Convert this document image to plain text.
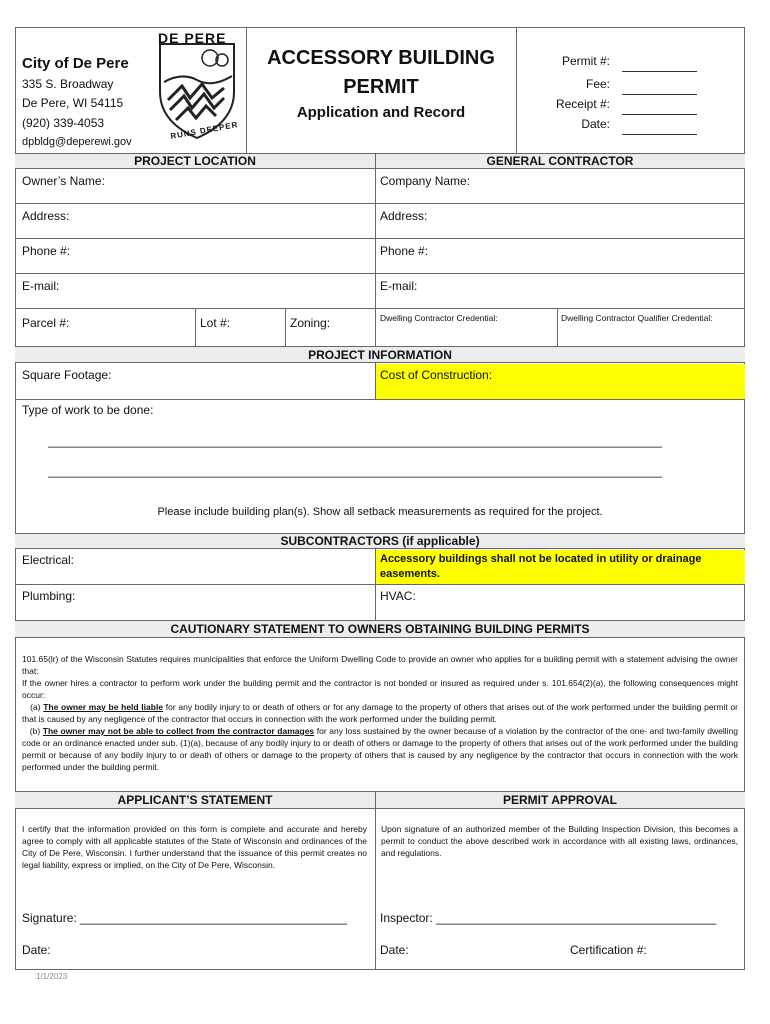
City of De Pere
335 S. Broadway
De Pere, WI 54115
(920) 339-4053
dpbldg@deperewi.gov
DE PERE
RUNS DEEPER
ACCESSORY BUILDING
PERMIT
Application and Record
Permit #:
Fee:
Receipt #:
Date:
PROJECT LOCATION	GENERAL CONTRACTOR
Owner’s Name:	Company Name:
Address:	Address:
Phone #:	Phone #:
E-mail:	E-mail:
Parcel #:	Lot #:	Zoning:	Dwelling Contractor Credential:	Dwelling Contractor Qualifier Credential:
PROJECT INFORMATION
Square Footage:	Cost of Construction:
Type of work to be done:
____________________________________________________________________________________________
____________________________________________________________________________________________
Please include building plan(s). Show all setback measurements as required for the project.
SUBCONTRACTORS (if applicable)
Electrical:	Accessory buildings shall not be located in utility or drainage easements.
Plumbing:	HVAC:
CAUTIONARY STATEMENT TO OWNERS OBTAINING BUILDING PERMITS
101.65(lr) of the Wisconsin Statutes requires municipalities that enforce the Uniform Dwelling Code to provide an owner who applies for a building permit with a statement advising the owner that:
If the owner hires a contractor to perform work under the building permit and the contractor is not bonded or insured as required under s. 101.654(2)(a), the following consequences might occur:
(a) The owner may be held liable for any bodily injury to or death of others or for any damage to the property of others that arises out of the work performed under the building permit or that is caused by any negligence of the contractor that occurs in connection with the work performed under the building permit.
(b) The owner may not be able to collect from the contractor damages for any loss sustained by the owner because of a violation by the contractor of the one- and two-family dwelling code or an ordinance enacted under sub. (1)(a), because of any bodily injury to or death of others or damage to the property of others that arises out of the work performed under the building permit or because of any bodily injury to or death of others or damage to the property of others that is caused by any negligence by the contractor that occurs in connection with the work performed under the building permit.
APPLICANT’S STATEMENT	PERMIT APPROVAL
I certify that the information provided on this form is complete and accurate and hereby agree to comply with all applicable statutes of the State of Wisconsin and ordinances of the City of De Pere, Wisconsin. I further understand that the issuance of this permit creates no legal liability, express or implied, on the City of De Pere, Wisconsin.
Upon signature of an authorized member of the Building Inspection Division, this becomes a permit to conduct the above described work in accordance with all existing laws, ordinances, and regulations.
Signature: ________________________________________	Inspector: __________________________________________
Date:	Date:	Certification #:
1/1/2023
